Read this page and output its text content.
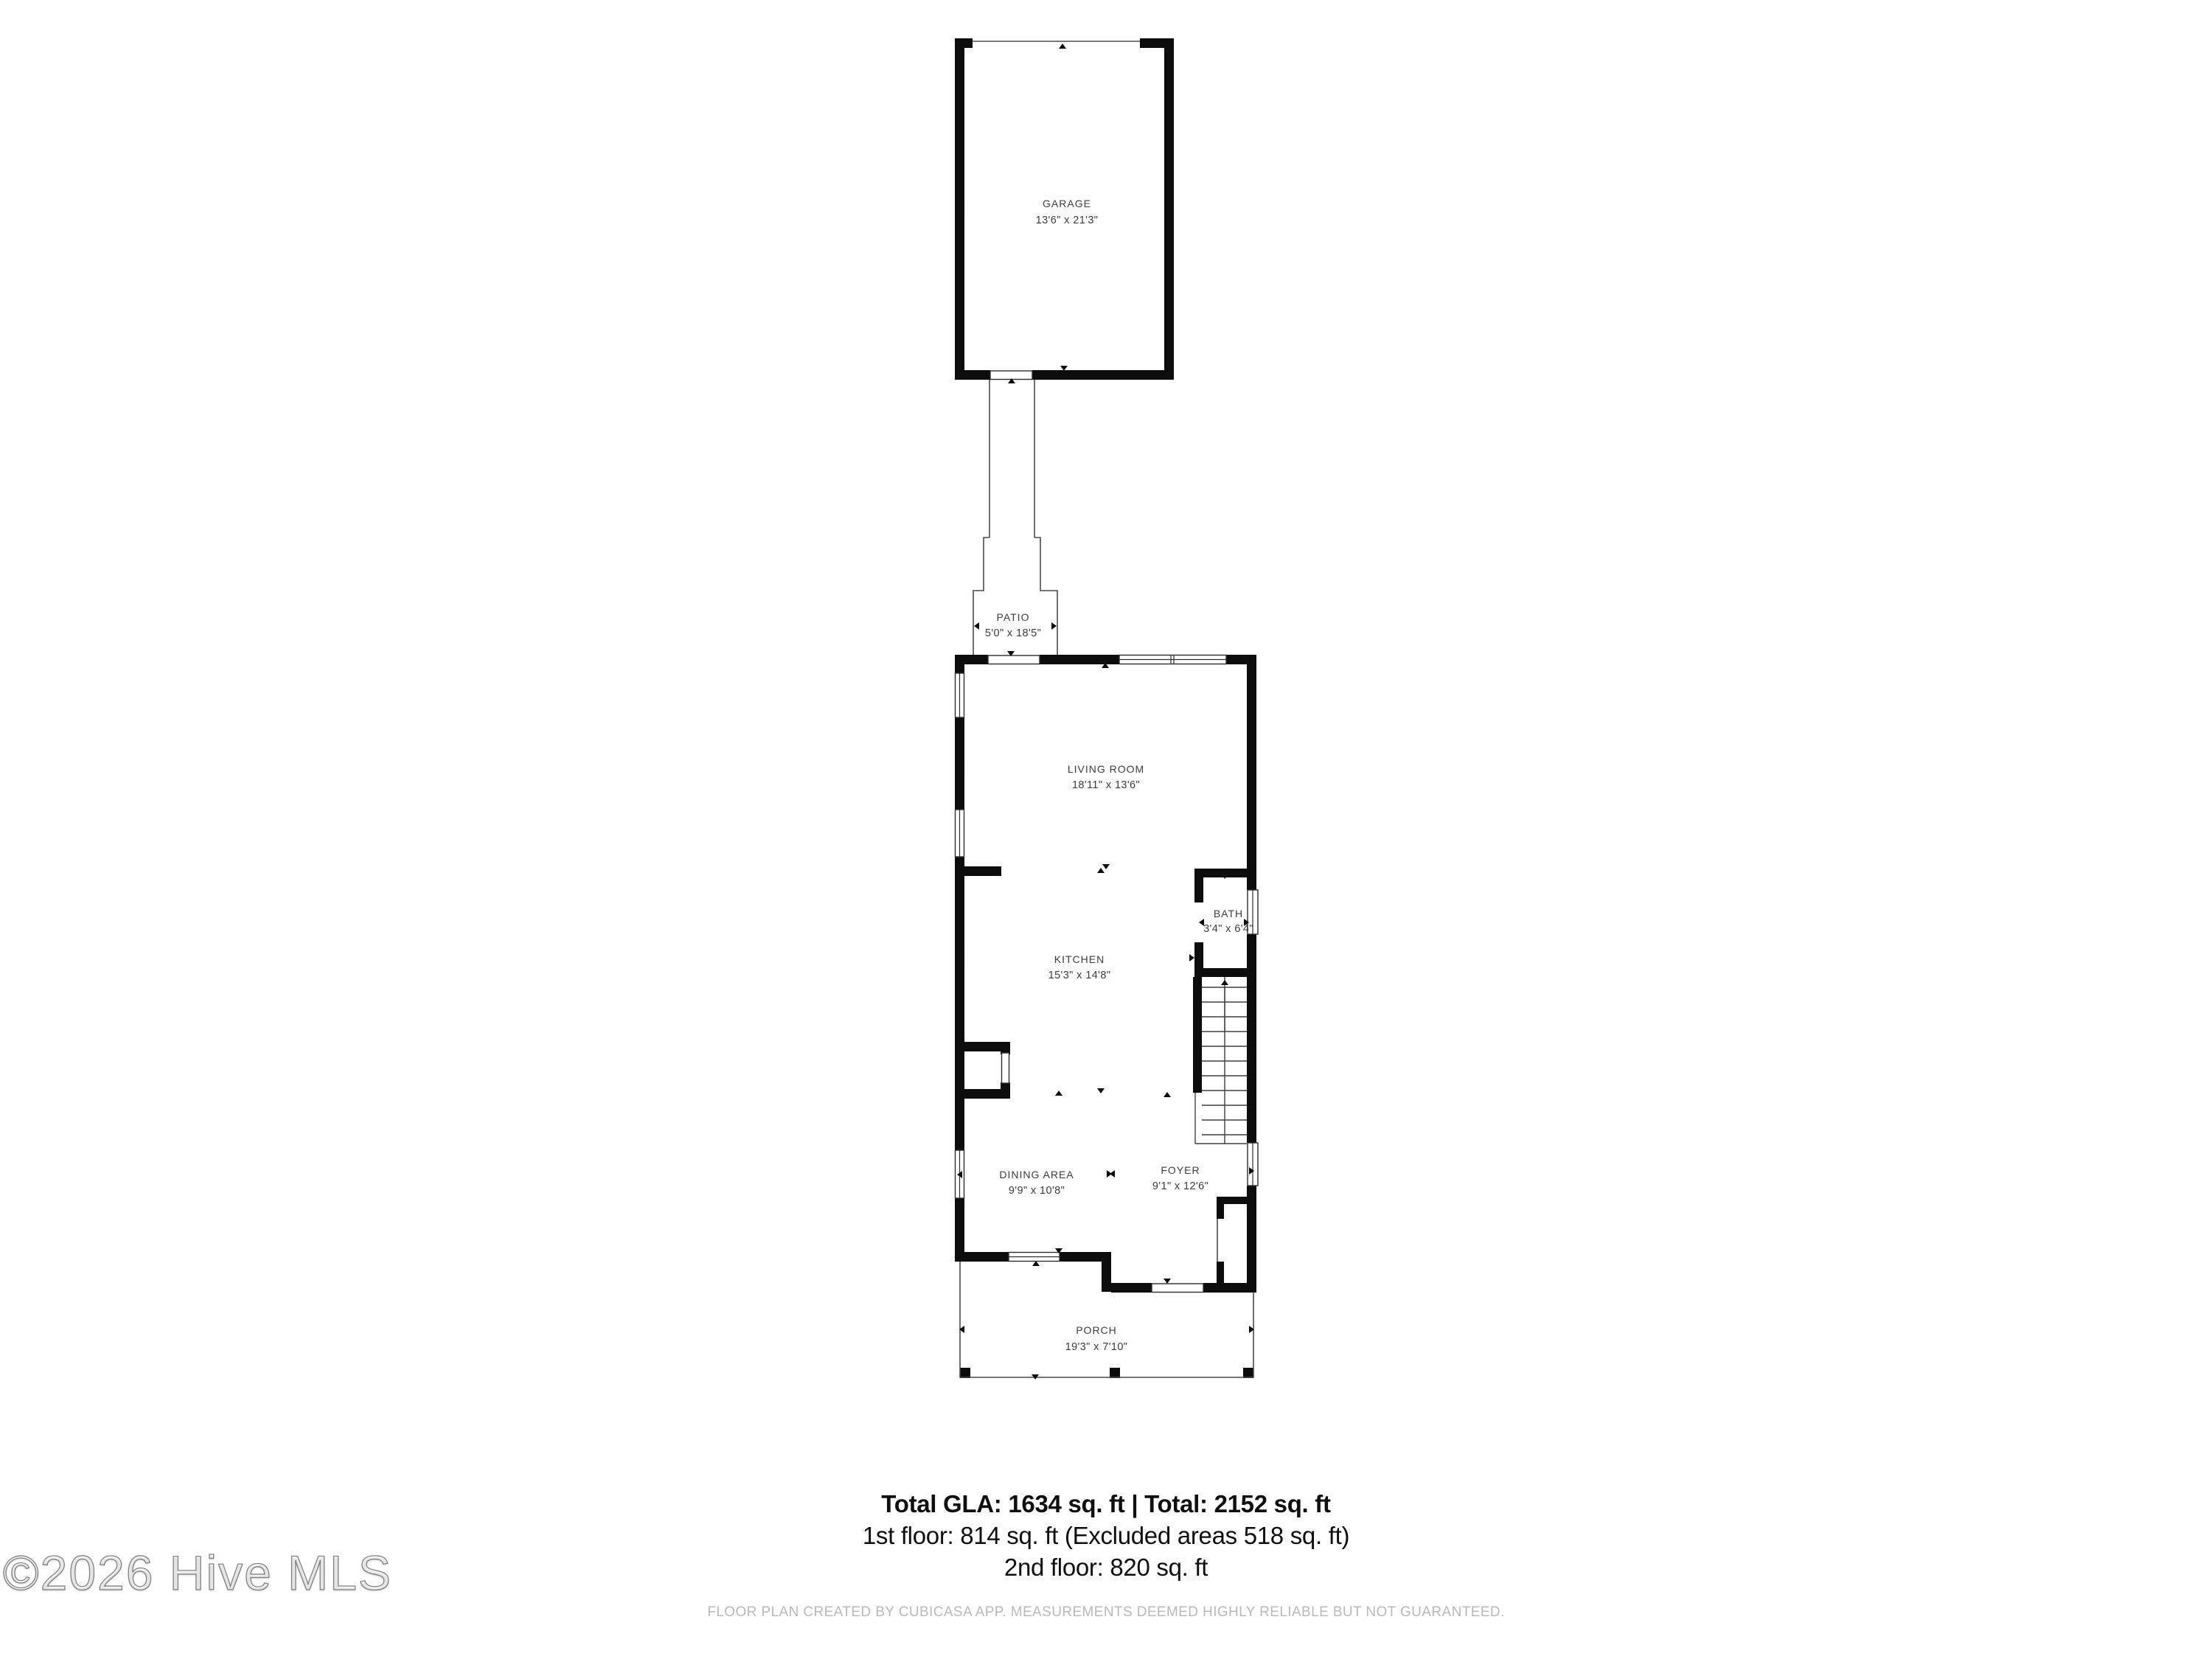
GARAGE
13'6" x 21'3"
PATIO
5'0" x 18'5"
LIVING ROOM
18'11" x 13'6"
BATH
3'4" x 6'4"
KITCHEN
15'3" x 14'8"
DINING AREA
9'9" x 10'8"
FOYER
9'1" x 12'6"
PORCH
19'3" x 7'10"
Total GLA: 1634 sq. ft | Total: 2152 sq. ft
1st floor: 814 sq. ft (Excluded areas 518 sq. ft)
2nd floor: 820 sq. ft
FLOOR PLAN CREATED BY CUBICASA APP. MEASUREMENTS DEEMED HIGHLY RELIABLE BUT NOT GUARANTEED.
©2026 Hive MLS
